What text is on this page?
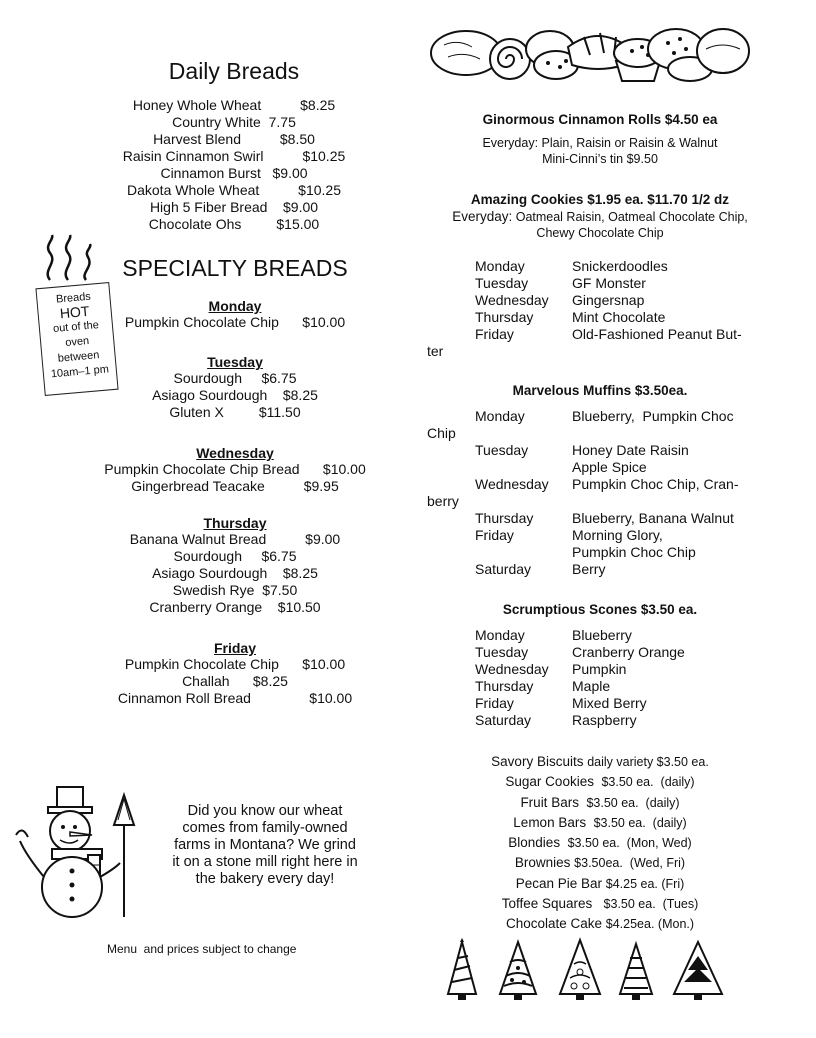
Daily Breads
Honey Whole Wheat          $8.25
Country White  7.75
Harvest Blend          $8.50
Raisin Cinnamon Swirl          $10.25
Cinnamon Burst   $9.00
Dakota Whole Wheat          $10.25
High 5 Fiber Bread    $9.00
Chocolate Ohs         $15.00
Breads
HOT
out of the
oven
between
10am–1 pm
SPECIALTY BREADS
Monday
Pumpkin Chocolate Chip      $10.00
Tuesday
Sourdough     $6.75
Asiago Sourdough    $8.25
Gluten X         $11.50
Wednesday
Pumpkin Chocolate Chip Bread      $10.00
Gingerbread Teacake          $9.95
Thursday
Banana Walnut Bread          $9.00
Sourdough     $6.75
Asiago Sourdough    $8.25
Swedish Rye  $7.50
Cranberry Orange    $10.50
Friday
Pumpkin Chocolate Chip      $10.00
Challah      $8.25
Cinnamon Roll Bread               $10.00
Did you know our wheat
comes from family-owned
farms in Montana? We grind
it on a stone mill right here in
the bakery every day!
Menu  and prices subject to change
Ginormous Cinnamon Rolls $4.50 ea
Everyday: Plain, Raisin or Raisin & Walnut
Mini-Cinni’s tin $9.50
Amazing Cookies $1.95 ea. $11.70 1/2 dz
Everyday: Oatmeal Raisin, Oatmeal Chocolate Chip,
Chewy Chocolate Chip
Monday	Snickerdoodles
Tuesday	GF Monster
Wednesday Gingersnap
Thursday	Mint Chocolate
Friday	Old-Fashioned Peanut But-
ter
Marvelous Muffins $3.50ea.
Monday	Blueberry,  Pumpkin Choc
Chip
Tuesday	Honey Date Raisin
Apple Spice
Wednesday Pumpkin Choc Chip, Cran-
berry
Thursday	Blueberry, Banana Walnut
Friday	Morning Glory,
Pumpkin Choc Chip
Saturday	Berry
Scrumptious Scones $3.50 ea.
Monday	Blueberry
Tuesday	Cranberry Orange
Wednesday Pumpkin
Thursday	Maple
Friday	Mixed Berry
Saturday	Raspberry
Savory Biscuits daily variety $3.50 ea.
Sugar Cookies  $3.50 ea.  (daily)
Fruit Bars  $3.50 ea.  (daily)
Lemon Bars  $3.50 ea.  (daily)
Blondies  $3.50 ea.  (Mon, Wed)
Brownies $3.50ea.  (Wed, Fri)
Pecan Pie Bar $4.25 ea. (Fri)
Toffee Squares   $3.50 ea.  (Tues)
Chocolate Cake $4.25ea. (Mon.)
